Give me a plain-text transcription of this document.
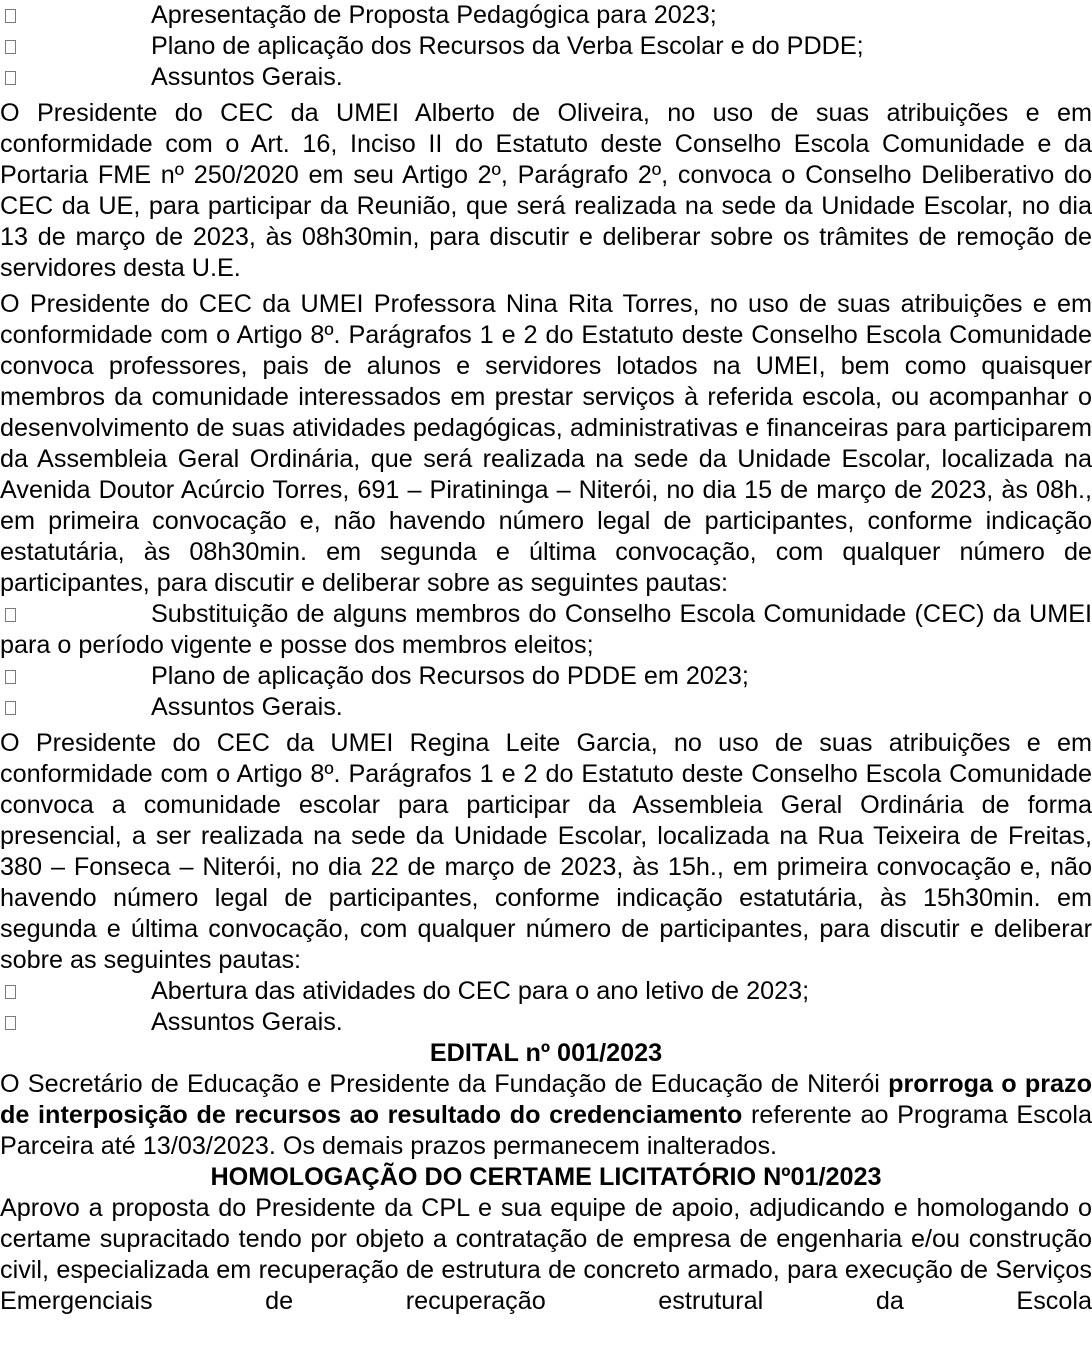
Apresentação de Proposta Pedagógica para 2023;
Plano de aplicação dos Recursos da Verba Escolar e do PDDE;
Assuntos Gerais.

O Presidente do CEC da UMEI Alberto de Oliveira, no uso de suas atribuições e em conformidade com o Art. 16, Inciso II do Estatuto deste Conselho Escola Comunidade e da Portaria FME nº 250/2020 em seu Artigo 2º, Parágrafo 2º, convoca o Conselho Deliberativo do CEC da UE, para participar da Reunião, que será realizada na sede da Unidade Escolar, no dia 13 de março de 2023, às 08h30min, para discutir e deliberar sobre os trâmites de remoção de servidores desta U.E.

O Presidente do CEC da UMEI Professora Nina Rita Torres, no uso de suas atribuições e em conformidade com o Artigo 8º. Parágrafos 1 e 2 do Estatuto deste Conselho Escola Comunidade convoca professores, pais de alunos e servidores lotados na UMEI, bem como quaisquer membros da comunidade interessados em prestar serviços à referida escola, ou acompanhar o desenvolvimento de suas atividades pedagógicas, administrativas e financeiras para participarem da Assembleia Geral Ordinária, que será realizada na sede da Unidade Escolar, localizada na Avenida Doutor Acúrcio Torres, 691 – Piratininga – Niterói, no dia 15 de março de 2023, às 08h., em primeira convocação e, não havendo número legal de participantes, conforme indicação estatutária, às 08h30min. em segunda e última convocação, com qualquer número de participantes, para discutir e deliberar sobre as seguintes pautas:

Substituição de alguns membros do Conselho Escola Comunidade (CEC) da UMEI para o período vigente e posse dos membros eleitos;
Plano de aplicação dos Recursos do PDDE em 2023;
Assuntos Gerais.

O Presidente do CEC da UMEI Regina Leite Garcia, no uso de suas atribuições e em conformidade com o Artigo 8º. Parágrafos 1 e 2 do Estatuto deste Conselho Escola Comunidade convoca a comunidade escolar para participar da Assembleia Geral Ordinária de forma presencial, a ser realizada na sede da Unidade Escolar, localizada na Rua Teixeira de Freitas, 380 – Fonseca – Niterói, no dia 22 de março de 2023, às 15h., em primeira convocação e, não havendo número legal de participantes, conforme indicação estatutária, às 15h30min. em segunda e última convocação, com qualquer número de participantes, para discutir e deliberar sobre as seguintes pautas:

Abertura das atividades do CEC para o ano letivo de 2023;
Assuntos Gerais.

EDITAL nº 001/2023

O Secretário de Educação e Presidente da Fundação de Educação de Niterói prorroga o prazo de interposição de recursos ao resultado do credenciamento referente ao Programa Escola Parceira até 13/03/2023. Os demais prazos permanecem inalterados.

HOMOLOGAÇÃO DO CERTAME LICITATÓRIO Nº01/2023

Aprovo a proposta do Presidente da CPL e sua equipe de apoio, adjudicando e homologando o certame supracitado tendo por objeto a contratação de empresa de engenharia e/ou construção civil, especializada em recuperação de estrutura de concreto armado, para execução de Serviços Emergenciais de recuperação estrutural da Escola
